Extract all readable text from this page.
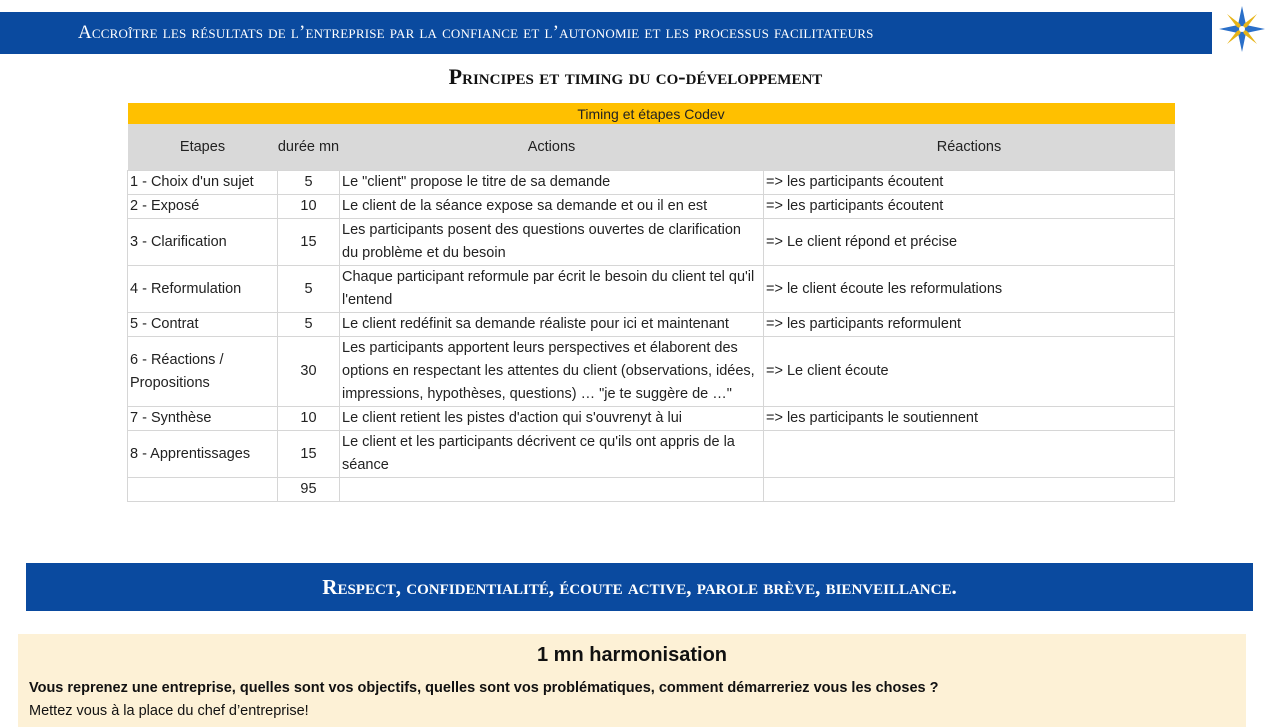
Accroître les résultats de l’entreprise par la confiance et l’autonomie et les processus facilitateurs
Principes et timing du co-développement
Timing et étapes Codev			
Etapes	durée mn	Actions	Réactions
1 - Choix d'un sujet	5	Le "client" propose le titre de sa demande	=> les participants écoutent
2 - Exposé	10	Le client de la séance expose sa demande et ou il en est	=> les participants écoutent
3 - Clarification	15	Les participants posent des questions ouvertes de clarification du problème et du besoin	=> Le client répond et précise
4 - Reformulation	5	Chaque participant reformule par écrit le besoin du client tel qu'il l'entend	=> le client écoute les reformulations
5 - Contrat	5	Le client redéfinit sa demande réaliste pour ici et maintenant	=> les participants reformulent
6 - Réactions / Propositions	30	Les participants apportent leurs perspectives et élaborent des options en respectant les attentes du client (observations, idées, impressions, hypothèses, questions) … "je te suggère de …"	=> Le client écoute
7 - Synthèse	10	Le client retient les pistes d'action qui s'ouvrenyt à lui	=> les participants le soutiennent
8 - Apprentissages	15	Le client et les participants décrivent ce qu'ils ont appris de la séance	
	95		
Respect, confidentialité, écoute active, parole brève, bienveillance.
1 mn harmonisation
Vous reprenez une entreprise, quelles sont vos objectifs, quelles sont vos problématiques, comment démarreriez vous les choses ?
Mettez vous à la place du chef d’entreprise!
